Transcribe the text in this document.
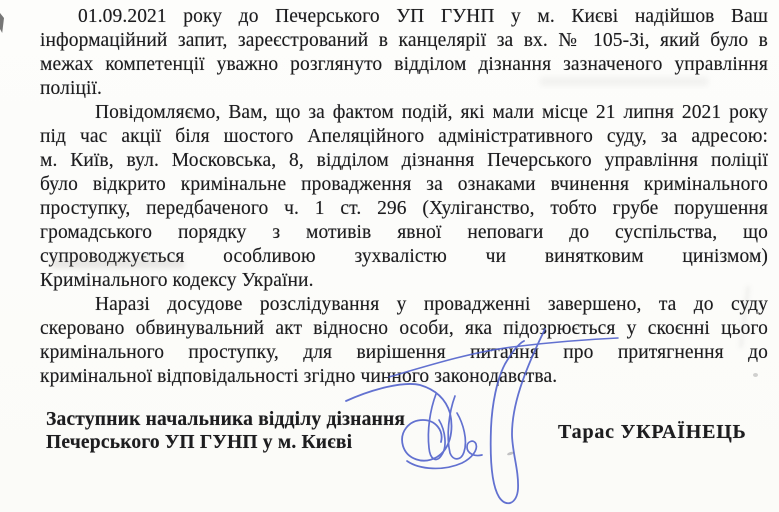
01.09.2021 року до Печерського УП ГУНП у м. Києві надійшов Ваш
інформаційний запит, зареєстрований в канцелярії за вх. № 105-Зі, який було в
межах компетенції уважно розглянуто відділом дізнання зазначеного управління
поліції.
Повідомляємо, Вам, що за фактом подій, які мали місце 21 липня 2021 року
під час акції біля шостого Апеляційного адміністративного суду, за адресою:
м. Київ, вул. Московська, 8, відділом дізнання Печерського управління поліції
було відкрито кримінальне провадження за ознаками вчинення кримінального
проступку, передбаченого ч. 1 ст. 296 (Хуліганство, тобто грубе порушення
громадського порядку з мотивів явної неповаги до суспільства, що
супроводжується особливою зухвалістю чи винятковим цинізмом)
Кримінального кодексу України.
Наразі досудове розслідування у провадженні завершено, та до суду
скеровано обвинувальний акт відносно особи, яка підозрюється у скоєнні цього
кримінального проступку, для вирішення питання про притягнення до
кримінальної відповідальності згідно чинного законодавства.
Заступник начальника відділу дізнання
Печерського УП ГУНП у м. Києві	Тарас УКРАЇНЕЦЬ
